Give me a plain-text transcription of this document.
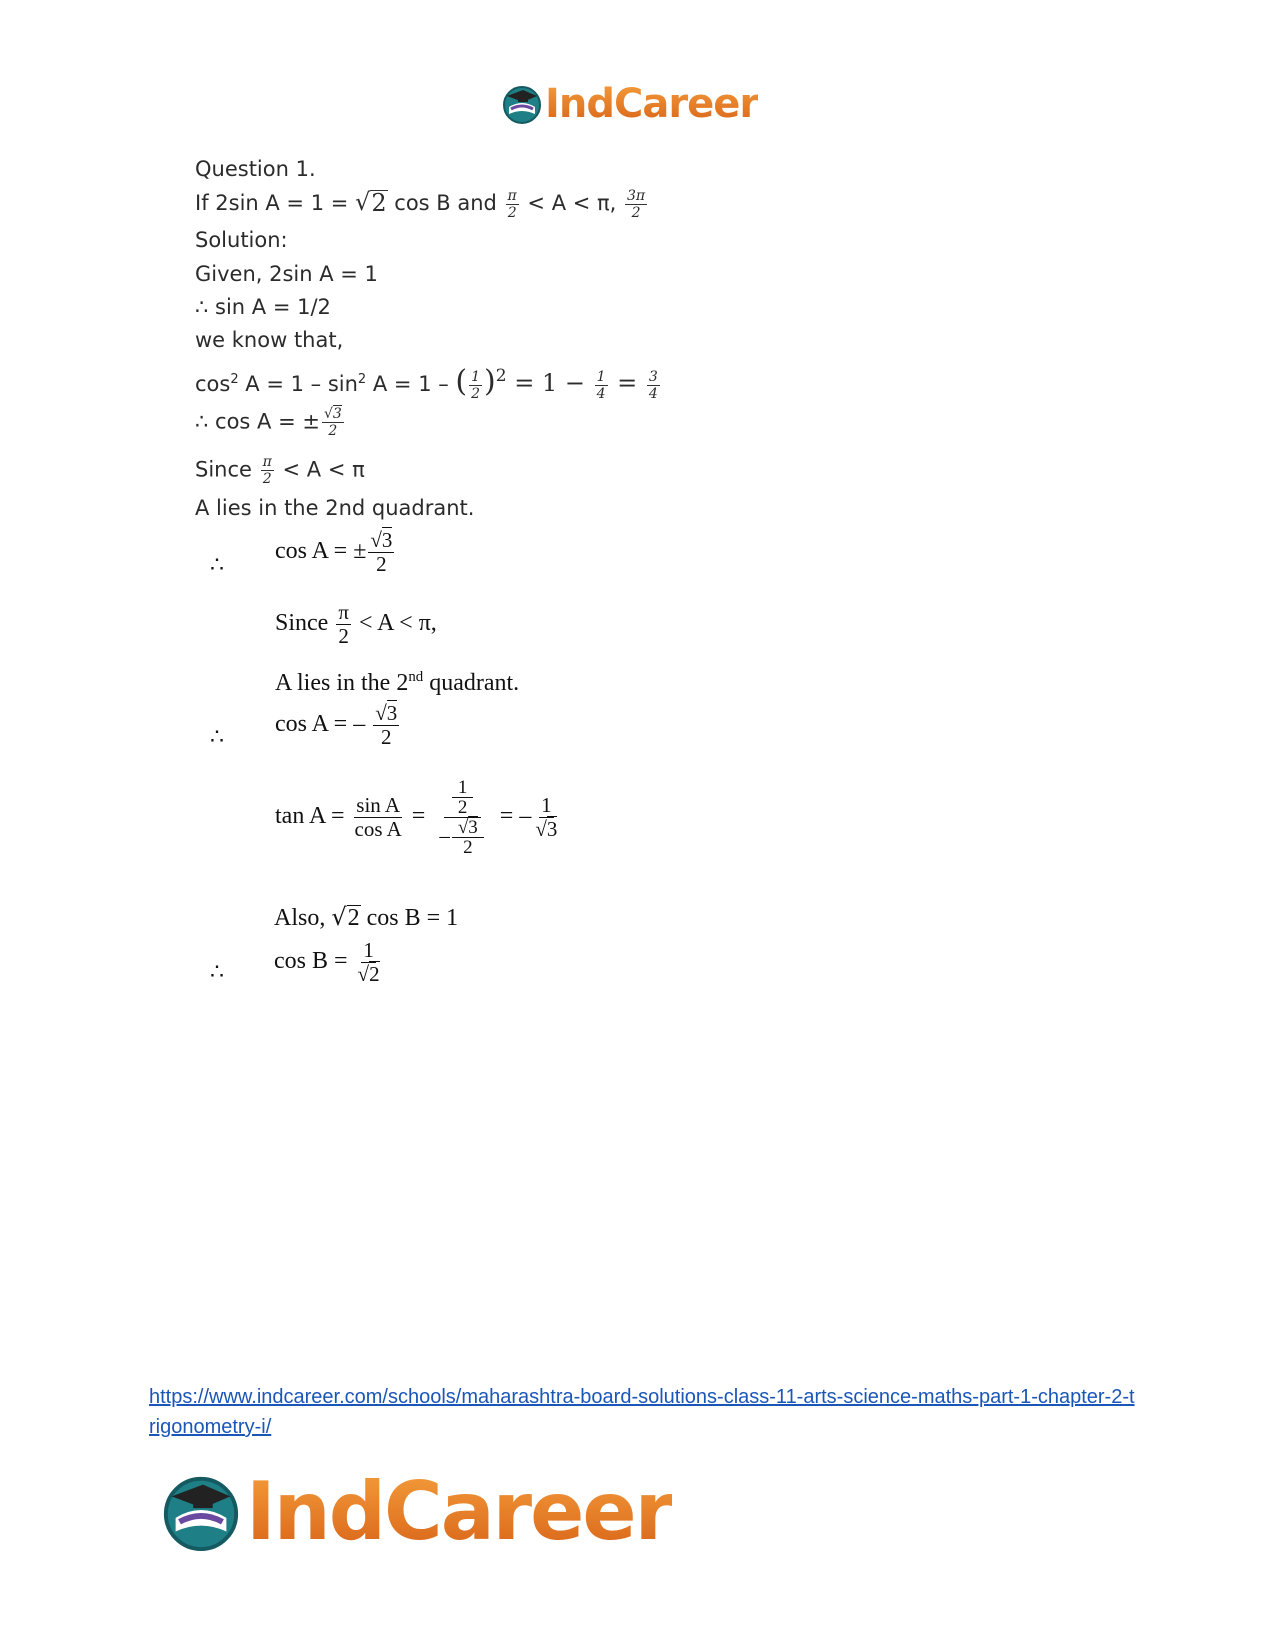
IndCareer
Question 1.
If 2sin A = 1 = √ 2 cos B and $\frac{\pi}{2} < A < \pi$, $\frac{3\pi}{2}$
Solution:
Given, 2sin A = 1
∴ sin A = 1/2
we know that,
$\cos^2 A = 1 - \sin^2 A = 1$ – ( $\frac{1}{2} )^2 = 1 - \frac{1}{4} = \frac{3}{4}$
∴ cos A = ± $\frac{√3}{2}$
Since $\frac{\pi}{2} < A < \pi$
A lies in the 2nd quadrant.
∴
cos A = ± $\frac{√3}{2}$
Since $\frac{\pi}{2} < A < \pi$,
A lies in the 2nd quadrant.
∴
cos A = – $\frac{√3}{2}$
$\tan A = \frac{\text{sin A}}{\text{cos A}} = \frac{\frac{1}{2}}{- \frac{√3}{2}}$ = – $\frac{1}{√3}$
Also, √ 2 cos B = 1
∴ $\cos B = \frac{1}{√2}$
https://www.indcareer.com/schools/maharashtra-board-solutions-class-11-arts-science-maths-part-1-chapter-2-trigonometry-i/
IndCareer
